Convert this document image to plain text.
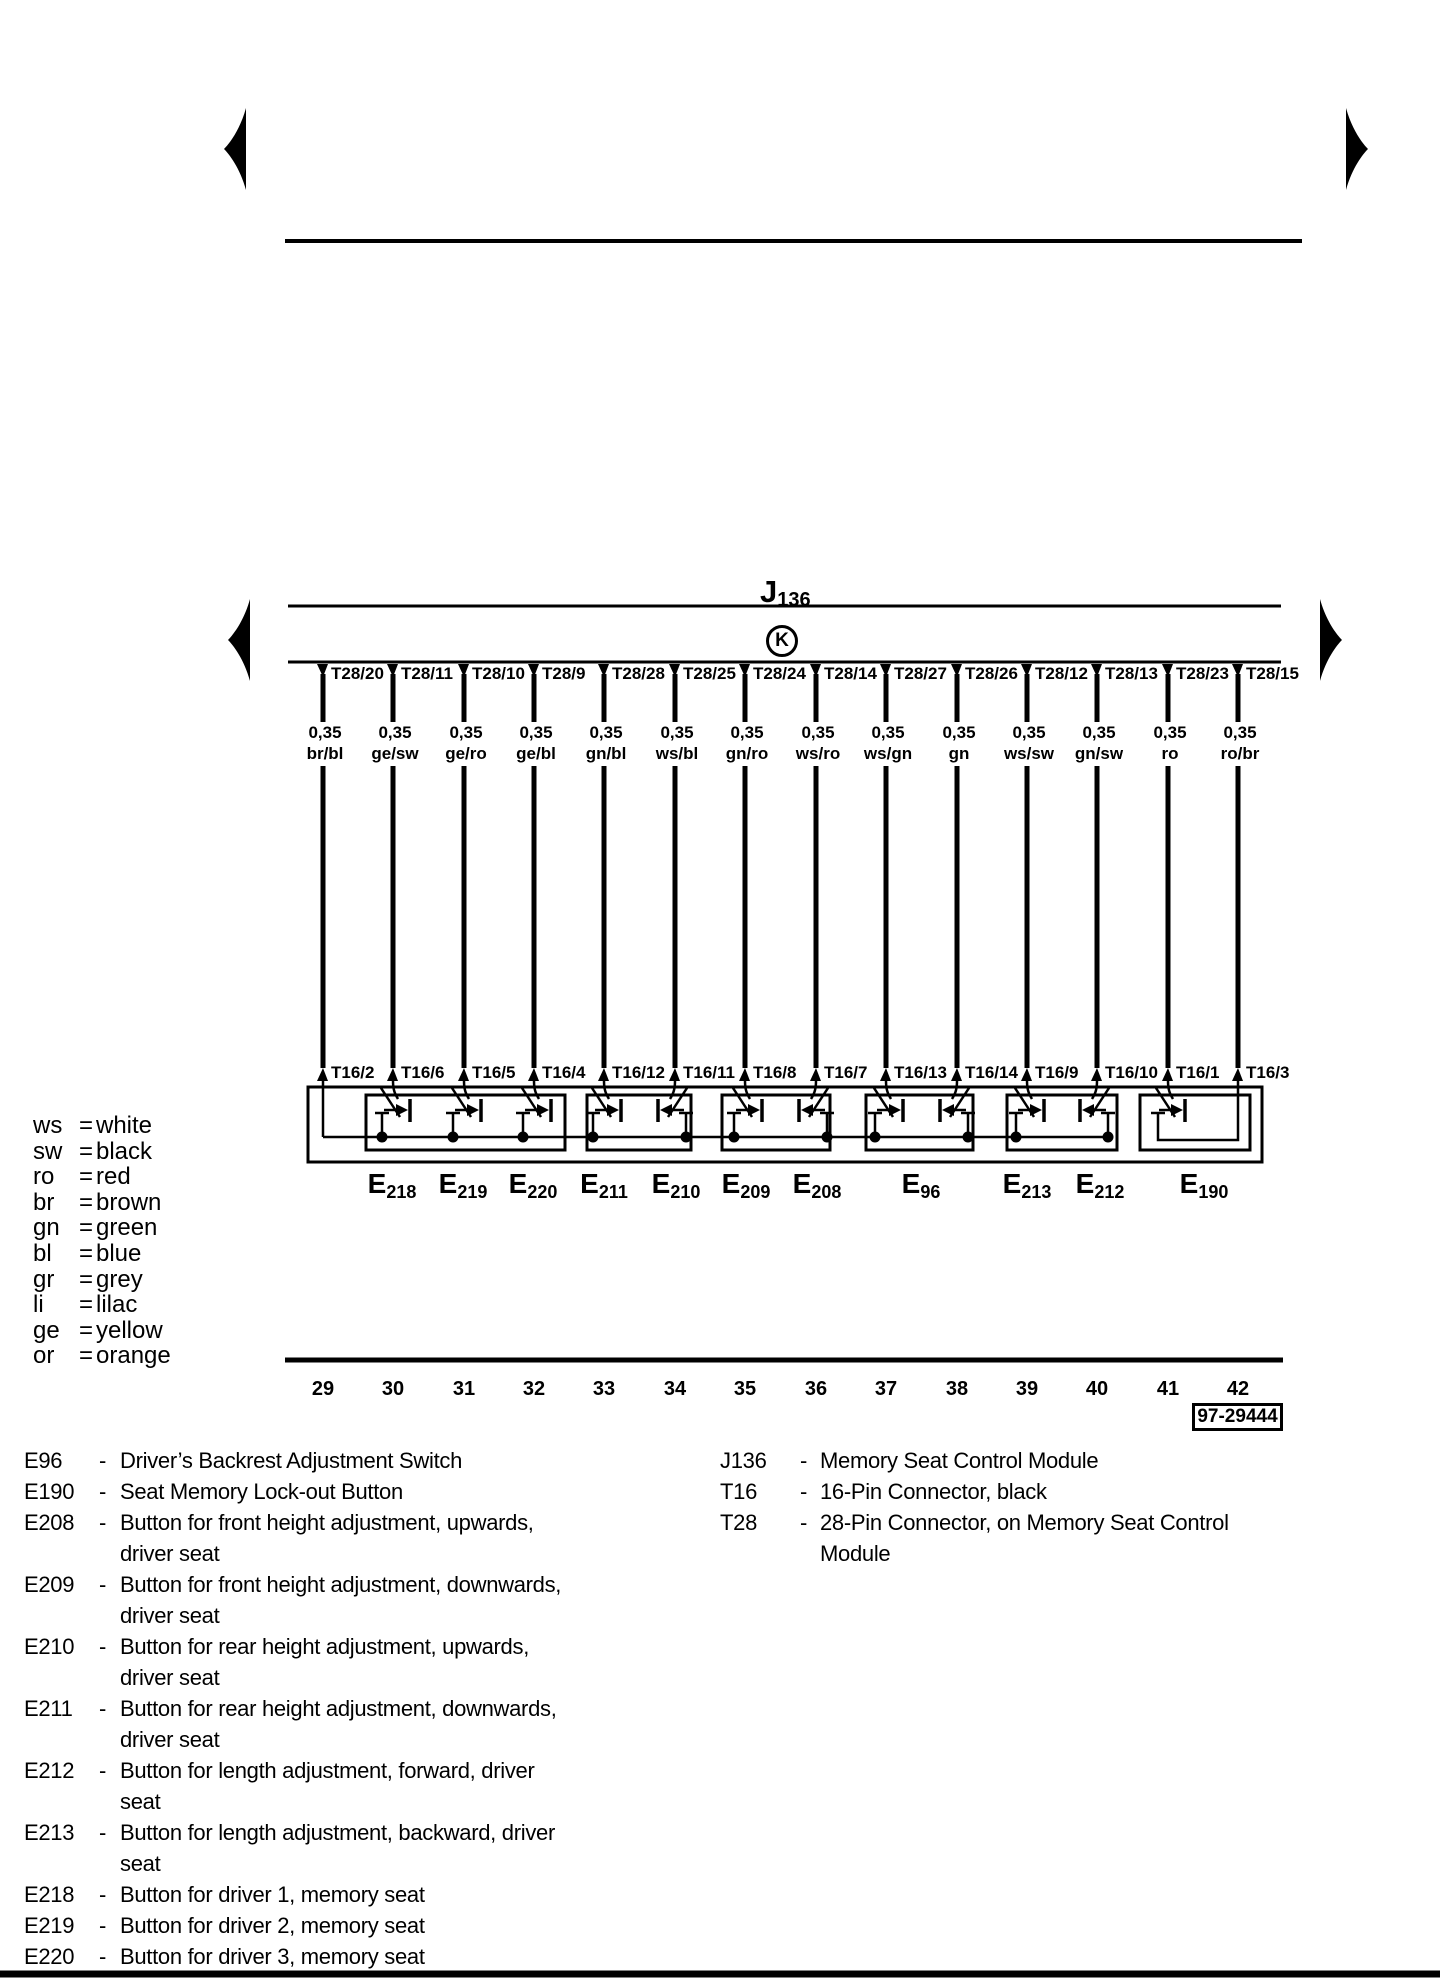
J136
K
97-29444
T28/20
0,35
br/bl
T16/2
29
T28/11
0,35
ge/sw
T16/6
30
T28/10
0,35
ge/ro
T16/5
31
T28/9
0,35
ge/bl
T16/4
32
T28/28
0,35
gn/bl
T16/12
33
T28/25
0,35
ws/bl
T16/11
34
T28/24
0,35
gn/ro
T16/8
35
T28/14
0,35
ws/ro
T16/7
36
T28/27
0,35
ws/gn
T16/13
37
T28/26
0,35
gn
T16/14
38
T28/12
0,35
ws/sw
T16/9
39
T28/13
0,35
gn/sw
T16/10
40
T28/23
0,35
ro
T16/1
41
T28/15
0,35
ro/br
T16/3
42
E218 E219 E220 E211 E210 E209 E208 E96 E213 E212 E190
ws = white
sw = black
ro = red
br = brown
gn = green
bl = blue
gr = grey
li = lilac
ge = yellow
or = orange
E96 - Driver’s Backrest Adjustment Switch
E190 - Seat Memory Lock-out Button
E208 - Button for front height adjustment, upwards,
driver seat
E209 - Button for front height adjustment, downwards,
driver seat
E210 - Button for rear height adjustment, upwards,
driver seat
E211 - Button for rear height adjustment, downwards,
driver seat
E212 - Button for length adjustment, forward, driver
seat
E213 - Button for length adjustment, backward, driver
seat
E218 - Button for driver 1, memory seat
E219 - Button for driver 2, memory seat
E220 - Button for driver 3, memory seat
J136 - Memory Seat Control Module
T16 - 16-Pin Connector, black
T28 - 28-Pin Connector, on Memory Seat Control
Module
